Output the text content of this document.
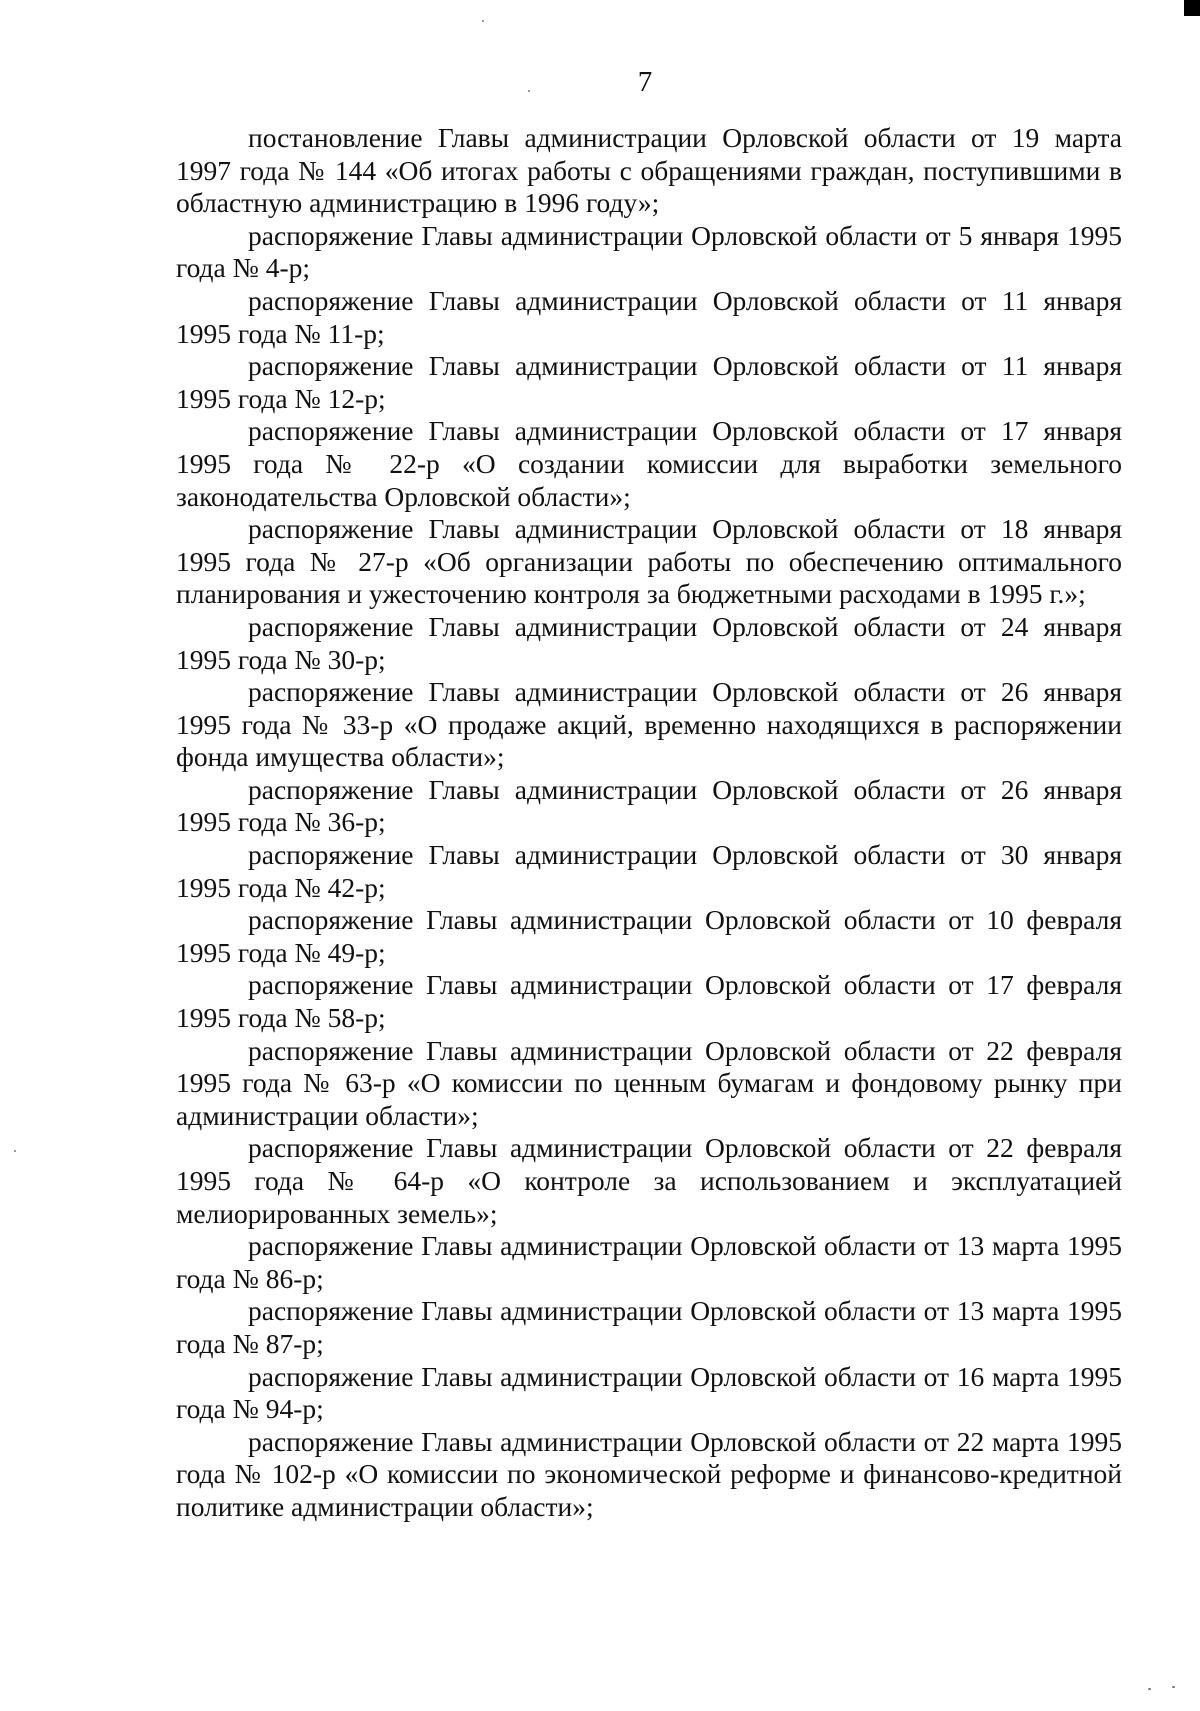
7

постановление Главы администрации Орловской области от 19 марта 1997 года № 144 «Об итогах работы с обращениями граждан, поступившими в областную администрацию в 1996 году»;

распоряжение Главы администрации Орловской области от 5 января 1995 года № 4-р;

распоряжение Главы администрации Орловской области от 11 января 1995 года № 11-р;

распоряжение Главы администрации Орловской области от 11 января 1995 года № 12-р;

распоряжение Главы администрации Орловской области от 17 января 1995 года № 22-р «О создании комиссии для выработки земельного законодательства Орловской области»;

распоряжение Главы администрации Орловской области от 18 января 1995 года № 27-р «Об организации работы по обеспечению оптимального планирования и ужесточению контроля за бюджетными расходами в 1995 г.»;

распоряжение Главы администрации Орловской области от 24 января 1995 года № 30-р;

распоряжение Главы администрации Орловской области от 26 января 1995 года № 33-р «О продаже акций, временно находящихся в распоряжении фонда имущества области»;

распоряжение Главы администрации Орловской области от 26 января 1995 года № 36-р;

распоряжение Главы администрации Орловской области от 30 января 1995 года № 42-р;

распоряжение Главы администрации Орловской области от 10 февраля 1995 года № 49-р;

распоряжение Главы администрации Орловской области от 17 февраля 1995 года № 58-р;

распоряжение Главы администрации Орловской области от 22 февраля 1995 года № 63-р «О комиссии по ценным бумагам и фондовому рынку при администрации области»;

распоряжение Главы администрации Орловской области от 22 февраля 1995 года № 64-р «О контроле за использованием и эксплуатацией мелиорированных земель»;

распоряжение Главы администрации Орловской области от 13 марта 1995 года № 86-р;

распоряжение Главы администрации Орловской области от 13 марта 1995 года № 87-р;

распоряжение Главы администрации Орловской области от 16 марта 1995 года № 94-р;

распоряжение Главы администрации Орловской области от 22 марта 1995 года № 102-р «О комиссии по экономической реформе и финансово-кредитной политике администрации области»;
